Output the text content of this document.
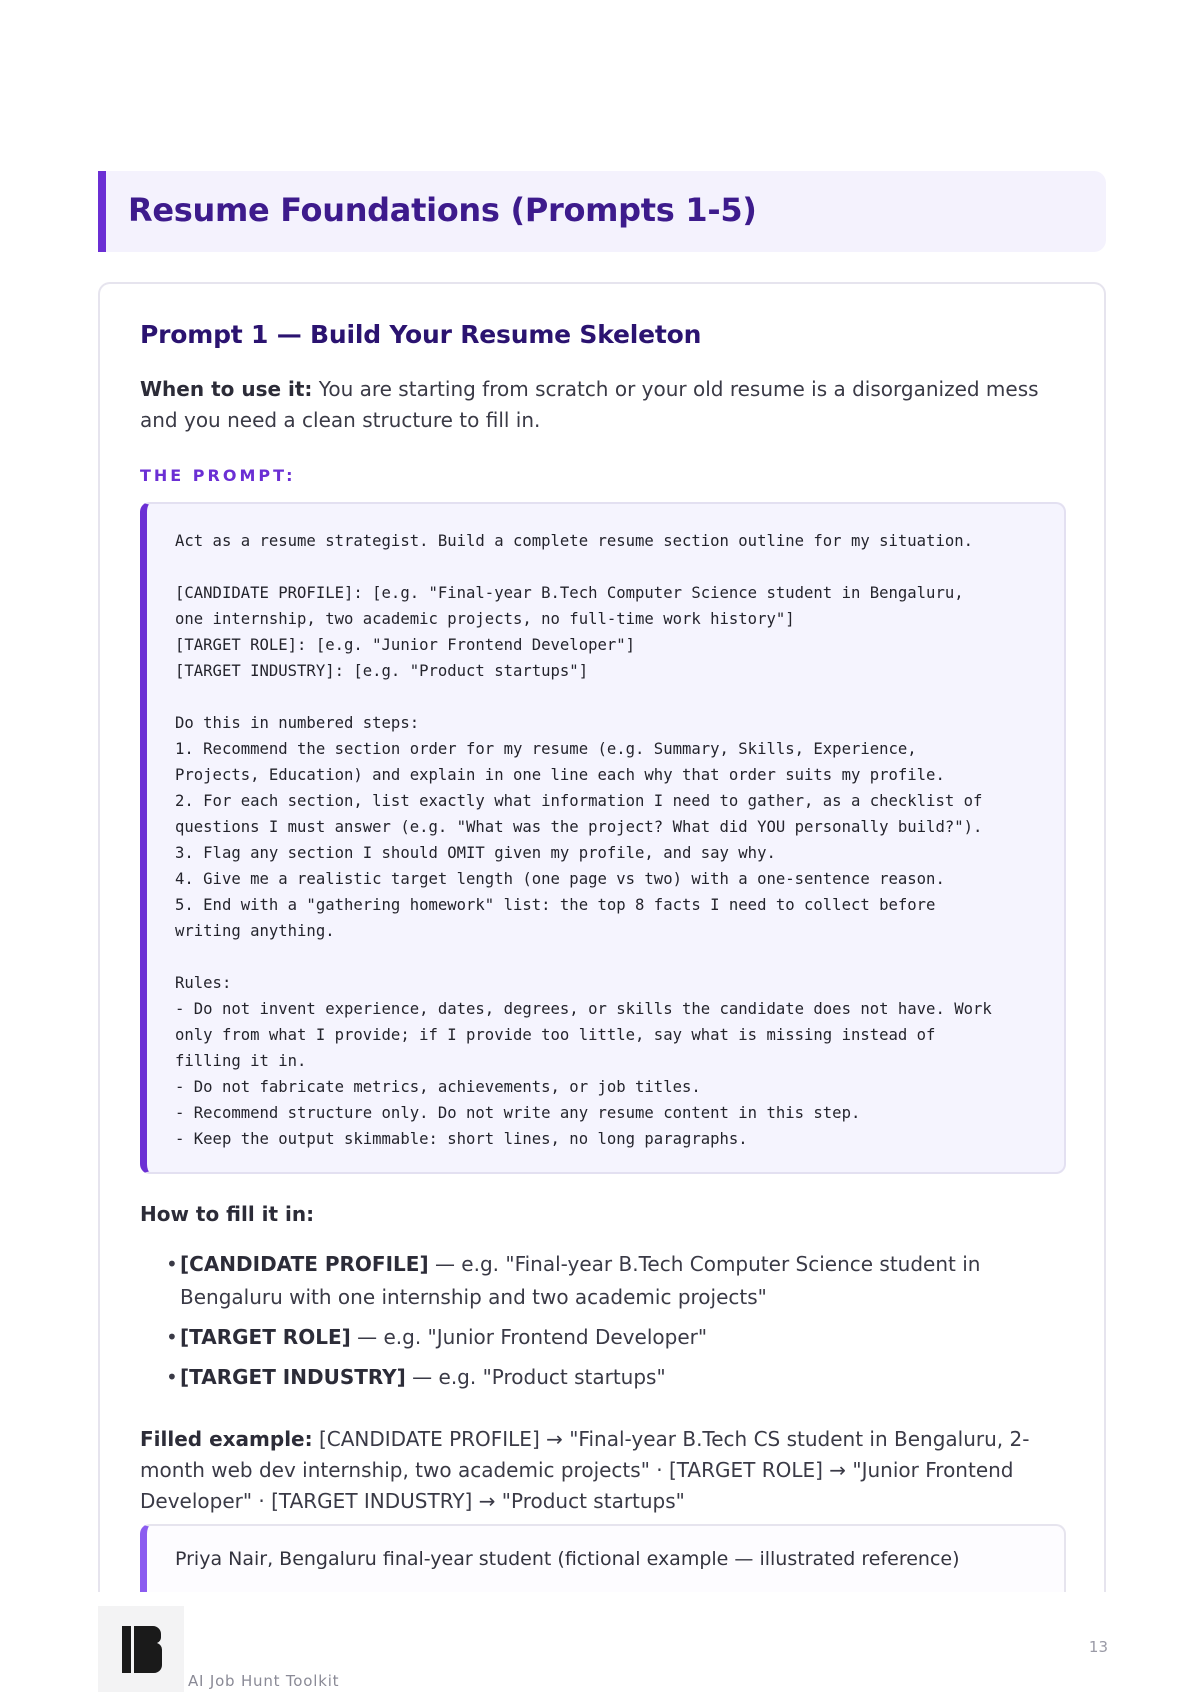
Resume Foundations (Prompts 1-5)
Prompt 1 — Build Your Resume Skeleton

When to use it: You are starting from scratch or your old resume is a disorganized mess and you need a clean structure to fill in.

THE PROMPT:

Act as a resume strategist. Build a complete resume section outline for my situation.

[CANDIDATE PROFILE]: [e.g. "Final-year B.Tech Computer Science student in Bengaluru,
one internship, two academic projects, no full-time work history"]
[TARGET ROLE]: [e.g. "Junior Frontend Developer"]
[TARGET INDUSTRY]: [e.g. "Product startups"]

Do this in numbered steps:
1. Recommend the section order for my resume (e.g. Summary, Skills, Experience,
Projects, Education) and explain in one line each why that order suits my profile.
2. For each section, list exactly what information I need to gather, as a checklist of
questions I must answer (e.g. "What was the project? What did YOU personally build?").
3. Flag any section I should OMIT given my profile, and say why.
4. Give me a realistic target length (one page vs two) with a one-sentence reason.
5. End with a "gathering homework" list: the top 8 facts I need to collect before
writing anything.

Rules:
- Do not invent experience, dates, degrees, or skills the candidate does not have. Work
only from what I provide; if I provide too little, say what is missing instead of
filling it in.
- Do not fabricate metrics, achievements, or job titles.
- Recommend structure only. Do not write any resume content in this step.
- Keep the output skimmable: short lines, no long paragraphs.

How to fill it in:

• [CANDIDATE PROFILE] — e.g. "Final-year B.Tech Computer Science student in Bengaluru with one internship and two academic projects"
• [TARGET ROLE] — e.g. "Junior Frontend Developer"
• [TARGET INDUSTRY] — e.g. "Product startups"

Filled example: [CANDIDATE PROFILE] → "Final-year B.Tech CS student in Bengaluru, 2-month web dev internship, two academic projects" · [TARGET ROLE] → "Junior Frontend Developer" · [TARGET INDUSTRY] → "Product startups"

Priya Nair, Bengaluru final-year student (fictional example — illustrated reference)

AI Job Hunt Toolkit

13
